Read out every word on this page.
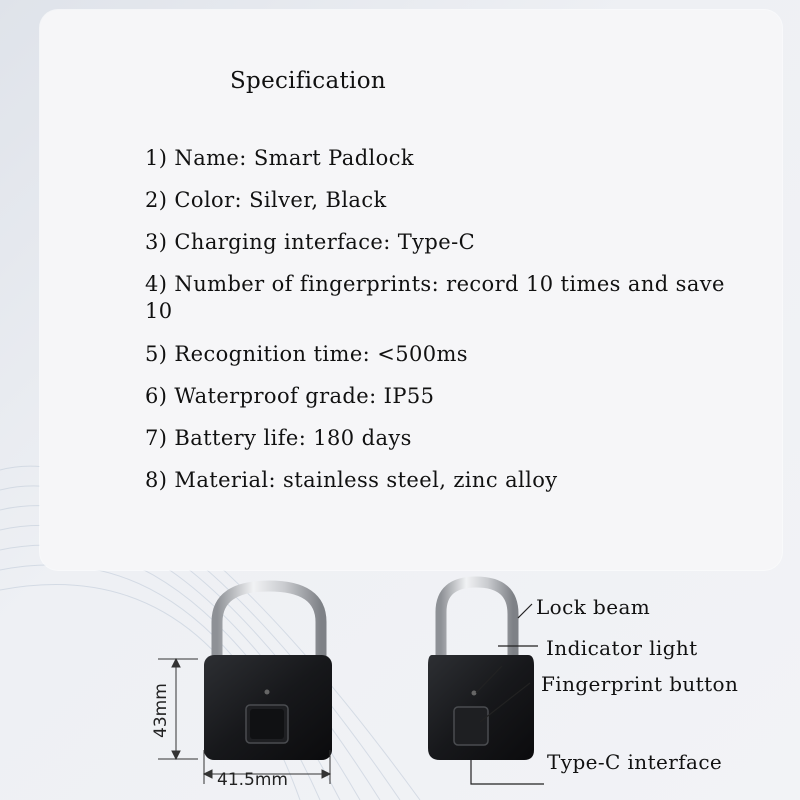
Specification
1) Name: Smart Padlock
2) Color: Silver, Black
3) Charging interface: Type-C
4) Number of fingerprints: record 10 times and save 10
5) Recognition time: <500ms
6) Waterproof grade: IP55
7) Battery life: 180 days
8) Material: stainless steel, zinc alloy
43mm
41.5mm
Lock beam
Indicator light
Fingerprint button
Type-C interface
